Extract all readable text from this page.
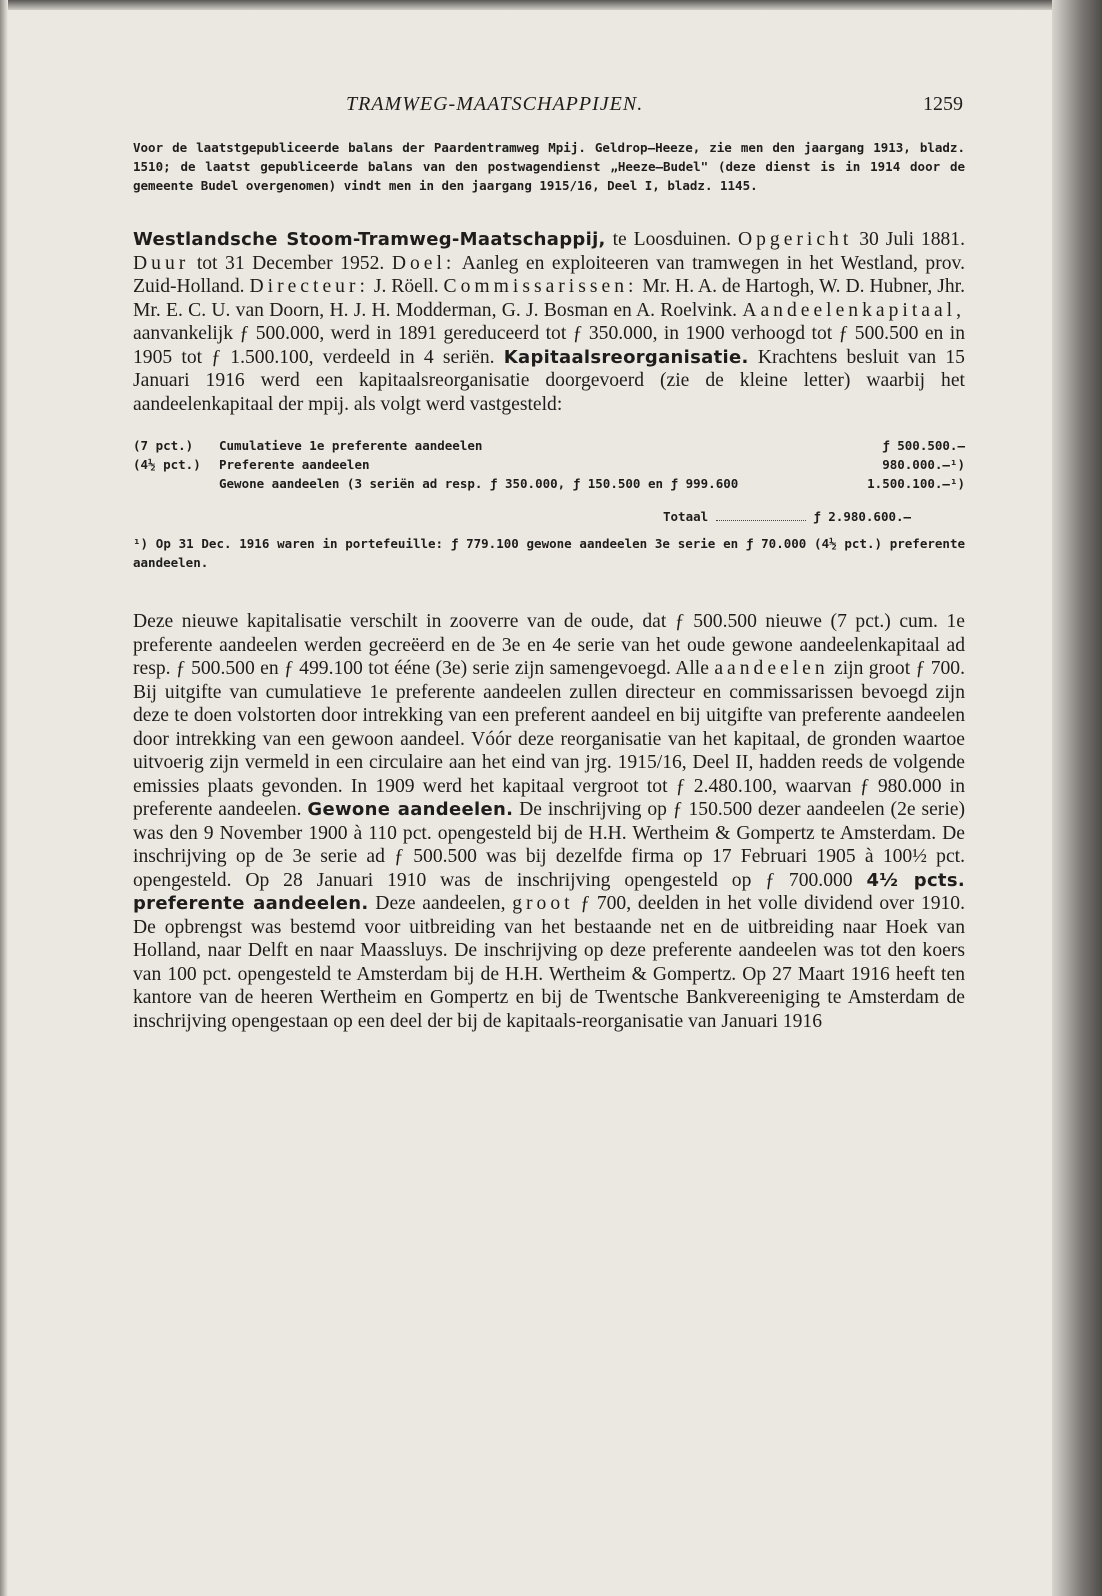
TRAMWEG-MAATSCHAPPIJEN.	1259
Voor de laatstgepubliceerde balans der Paardentramweg Mpij. Geldrop—Heeze, zie men den jaargang 1913, bladz. 1510; de laatst gepubliceerde balans van den postwagendienst „Heeze—Budel" (deze dienst is in 1914 door de gemeente Budel overgenomen) vindt men in den jaargang 1915/16, Deel I, bladz. 1145.
Westlandsche Stoom-Tramweg-Maatschappij, te Loosduinen. Opgericht 30 Juli 1881. Duur tot 31 December 1952. Doel: Aanleg en exploiteeren van tramwegen in het Westland, prov. Zuid-Holland. Directeur: J. Röell. Commissarissen: Mr. H. A. de Hartogh, W. D. Hubner, Jhr. Mr. E. C. U. van Doorn, H. J. H. Modderman, G. J. Bosman en A. Roelvink. Aandeelenkapitaal, aanvankelijk ƒ 500.000, werd in 1891 gereduceerd tot ƒ 350.000, in 1900 verhoogd tot ƒ 500.500 en in 1905 tot ƒ 1.500.100, verdeeld in 4 seriën. Kapitaalsreorganisatie. Krachtens besluit van 15 Januari 1916 werd een kapitaalsreorganisatie doorgevoerd (zie de kleine letter) waarbij het aandeelenkapitaal der mpij. als volgt werd vastgesteld:
(7 pct.)	Cumulatieve 1e preferente aandeelen	ƒ 500.500.—
(4½ pct.)	Preferente aandeelen	980.000.—¹)
	Gewone aandeelen (3 seriën ad resp. ƒ 350.000, ƒ 150.500 en ƒ 999.600	1.500.100.—¹)
Totaal	ƒ 2.980.600.—
¹) Op 31 Dec. 1916 waren in portefeuille: ƒ 779.100 gewone aandeelen 3e serie en ƒ 70.000 (4½ pct.) preferente aandeelen.
Deze nieuwe kapitalisatie verschilt in zooverre van de oude, dat ƒ 500.500 nieuwe (7 pct.) cum. 1e preferente aandeelen werden gecreëerd en de 3e en 4e serie van het oude gewone aandeelenkapitaal ad resp. ƒ 500.500 en ƒ 499.100 tot éénе (3e) serie zijn samengevoegd. Alle aandeelen zijn groot ƒ 700. Bij uitgifte van cumulatieve 1e preferente aandeelen zullen directeur en commissarissen bevoegd zijn deze te doen volstorten door intrekking van een preferent aandeel en bij uitgifte van preferente aandeelen door intrekking van een gewoon aandeel. Vóór deze reorganisatie van het kapitaal, de gronden waartoe uitvoerig zijn vermeld in een circulaire aan het eind van jrg. 1915/16, Deel II, hadden reeds de volgende emissies plaats gevonden. In 1909 werd het kapitaal vergroot tot ƒ 2.480.100, waarvan ƒ 980.000 in preferente aandeelen. Gewone aandeelen. De inschrijving op ƒ 150.500 dezer aandeelen (2e serie) was den 9 November 1900 à 110 pct. opengesteld bij de H.H. Wertheim & Gompertz te Amsterdam. De inschrijving op de 3e serie ad ƒ 500.500 was bij dezelfde firma op 17 Februari 1905 à 100½ pct. opengesteld. Op 28 Januari 1910 was de inschrijving opengesteld op ƒ 700.000 4½ pcts. preferente aandeelen. Deze aandeelen, groot ƒ 700, deelden in het volle dividend over 1910. De opbrengst was bestemd voor uitbreiding van het bestaande net en de uitbreiding naar Hoek van Holland, naar Delft en naar Maassluys. De inschrijving op deze preferente aandeelen was tot den koers van 100 pct. opengesteld te Amsterdam bij de H.H. Wertheim & Gompertz. Op 27 Maart 1916 heeft ten kantore van de heeren Wertheim en Gompertz en bij de Twentsche Bankvereeniging te Amsterdam de inschrijving opengestaan op een deel der bij de kapitaals-reorganisatie van Januari 1916
